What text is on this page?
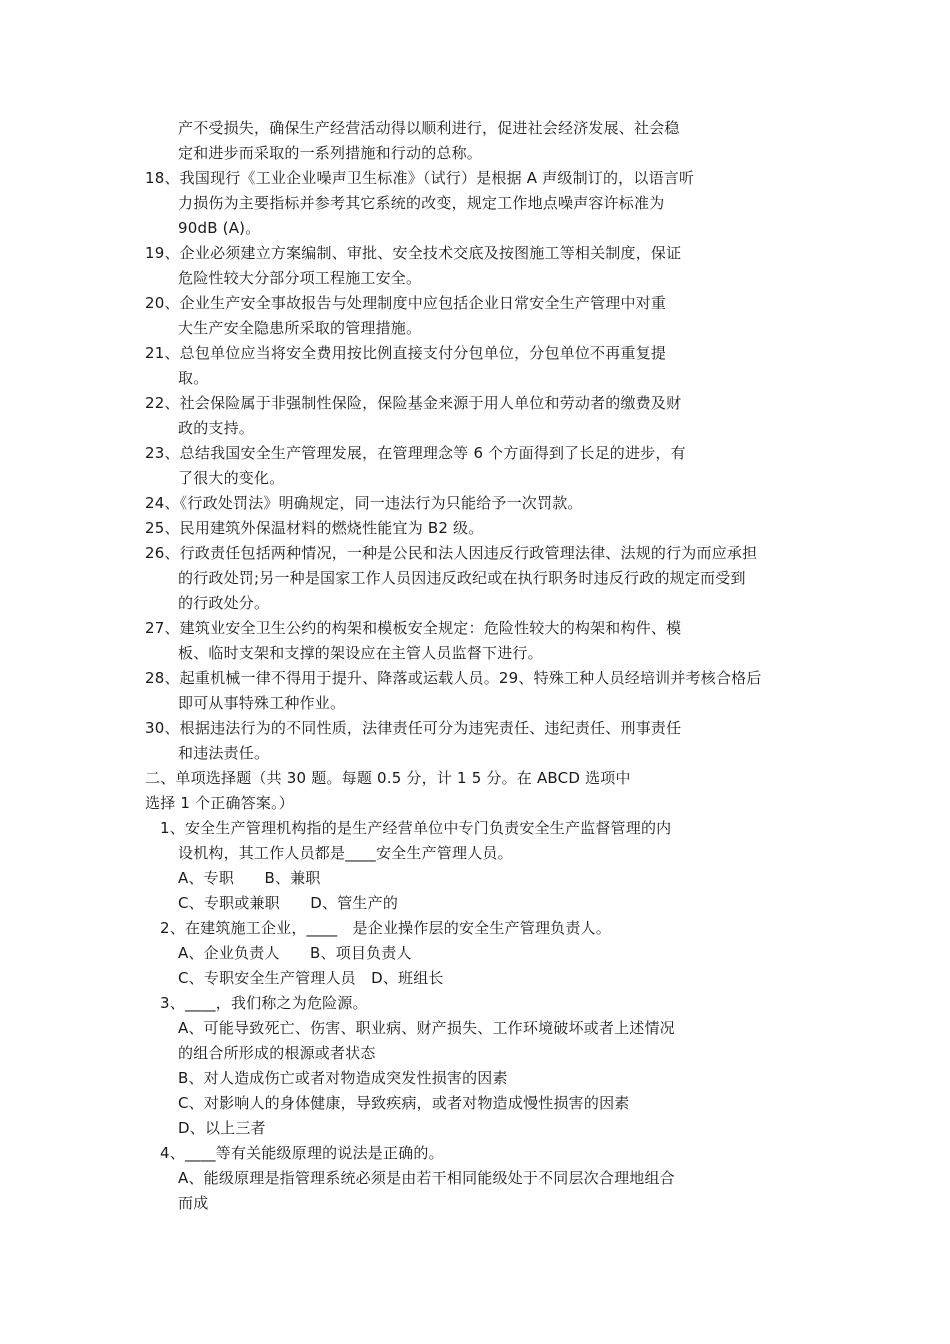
产不受损失，确保生产经营活动得以顺利进行，促进社会经济发展、社会稳
定和进步而采取的一系列措施和行动的总称。
18、我国现行《工业企业噪声卫生标准》（试行）是根据 A 声级制订的，以语言听
力损伤为主要指标并参考其它系统的改变，规定工作地点噪声容许标准为
90dB (A)。
19、企业必须建立方案编制、审批、安全技术交底及按图施工等相关制度，保证
危险性较大分部分项工程施工安全。
20、企业生产安全事故报告与处理制度中应包括企业日常安全生产管理中对重
大生产安全隐患所采取的管理措施。
21、总包单位应当将安全费用按比例直接支付分包单位，分包单位不再重复提
取。
22、社会保险属于非强制性保险，保险基金来源于用人单位和劳动者的缴费及财
政的支持。
23、总结我国安全生产管理发展，在管理理念等 6 个方面得到了长足的进步，有
了很大的变化。
24、《行政处罚法》明确规定，同一违法行为只能给予一次罚款。
25、民用建筑外保温材料的燃烧性能宜为 B2 级。
26、行政责任包括两种情况，一种是公民和法人因违反行政管理法律、法规的行为而应承担
的行政处罚;另一种是国家工作人员因违反政纪或在执行职务时违反行政的规定而受到
的行政处分。
27、建筑业安全卫生公约的构架和模板安全规定：危险性较大的构架和构件、模
板、临时支架和支撑的架设应在主管人员监督下进行。
28、起重机械一律不得用于提升、降落或运载人员。29、特殊工种人员经培训并考核合格后
即可从事特殊工种作业。
30、根据违法行为的不同性质，法律责任可分为违宪责任、违纪责任、刑事责任
和违法责任。
二、单项选择题（共 30 题。每题 0.5 分，计 1 5 分。在 ABCD 选项中
选择 1 个正确答案。）
1、安全生产管理机构指的是生产经营单位中专门负责安全生产监督管理的内
设机构，其工作人员都是____安全生产管理人员。
A、专职　　B、兼职
C、专职或兼职　　D、管生产的
2、在建筑施工企业，____　是企业操作层的安全生产管理负责人。
A、企业负责人　　B、项目负责人
C、专职安全生产管理人员　D、班组长
3、____，我们称之为危险源。
A、可能导致死亡、伤害、职业病、财产损失、工作环境破坏或者上述情况
的组合所形成的根源或者状态
B、对人造成伤亡或者对物造成突发性损害的因素
C、对影响人的身体健康，导致疾病，或者对物造成慢性损害的因素
D、以上三者
4、____等有关能级原理的说法是正确的。
A、能级原理是指管理系统必须是由若干相同能级处于不同层次合理地组合
而成
